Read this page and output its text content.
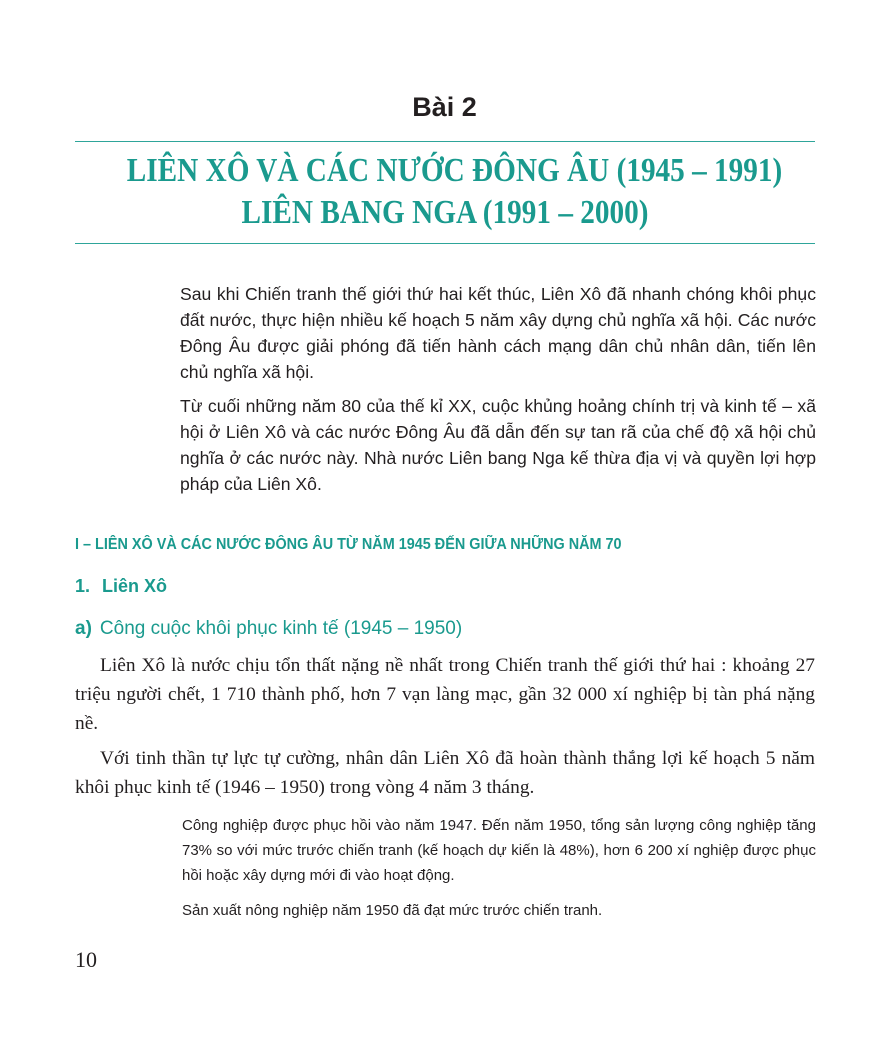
Bài 2
LIÊN XÔ VÀ CÁC NƯỚC ĐÔNG ÂU (1945 – 1991)
LIÊN BANG NGA (1991 – 2000)

Sau khi Chiến tranh thế giới thứ hai kết thúc, Liên Xô đã nhanh chóng khôi phục đất nước, thực hiện nhiều kế hoạch 5 năm xây dựng chủ nghĩa xã hội. Các nước Đông Âu được giải phóng đã tiến hành cách mạng dân chủ nhân dân, tiến lên chủ nghĩa xã hội.

Từ cuối những năm 80 của thế kỉ XX, cuộc khủng hoảng chính trị và kinh tế – xã hội ở Liên Xô và các nước Đông Âu đã dẫn đến sự tan rã của chế độ xã hội chủ nghĩa ở các nước này. Nhà nước Liên bang Nga kế thừa địa vị và quyền lợi hợp pháp của Liên Xô.

I – LIÊN XÔ VÀ CÁC NƯỚC ĐÔNG ÂU TỪ NĂM 1945 ĐẾN GIỮA NHỮNG NĂM 70
1. Liên Xô
a) Công cuộc khôi phục kinh tế (1945 – 1950)

Liên Xô là nước chịu tổn thất nặng nề nhất trong Chiến tranh thế giới thứ hai : khoảng 27 triệu người chết, 1 710 thành phố, hơn 7 vạn làng mạc, gần 32 000 xí nghiệp bị tàn phá nặng nề.

Với tinh thần tự lực tự cường, nhân dân Liên Xô đã hoàn thành thắng lợi kế hoạch 5 năm khôi phục kinh tế (1946 – 1950) trong vòng 4 năm 3 tháng.

Công nghiệp được phục hồi vào năm 1947. Đến năm 1950, tổng sản lượng công nghiệp tăng 73% so với mức trước chiến tranh (kế hoạch dự kiến là 48%), hơn 6 200 xí nghiệp được phục hồi hoặc xây dựng mới đi vào hoạt động.

Sản xuất nông nghiệp năm 1950 đã đạt mức trước chiến tranh.

10
